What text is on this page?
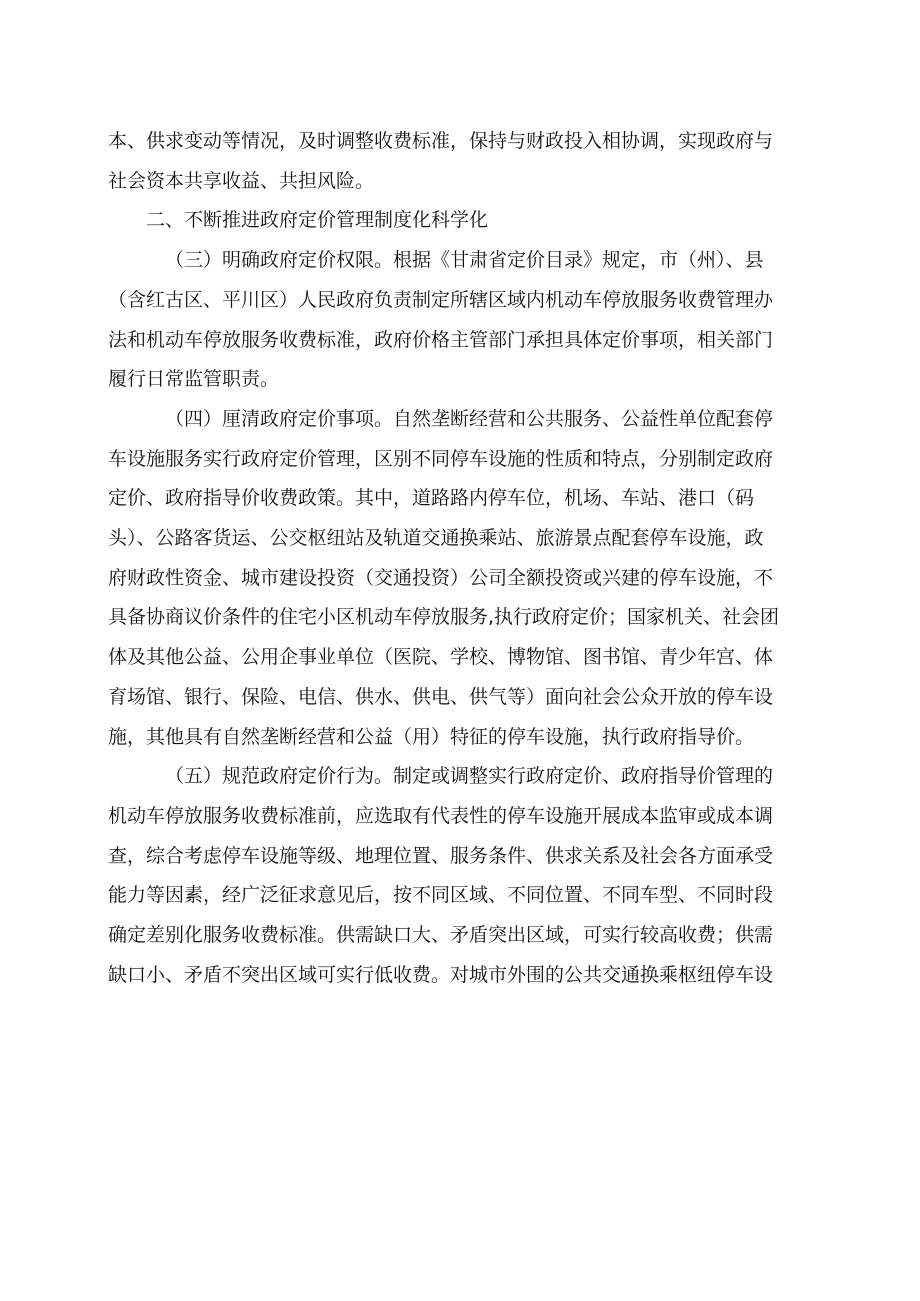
本、供求变动等情况，及时调整收费标准，保持与财政投入相协调，实现政府与
社会资本共享收益、共担风险。

二、不断推进政府定价管理制度化科学化

（三）明确政府定价权限。根据《甘肃省定价目录》规定，市（州）、县
（含红古区、平川区）人民政府负责制定所辖区域内机动车停放服务收费管理办
法和机动车停放服务收费标准，政府价格主管部门承担具体定价事项，相关部门
履行日常监管职责。

（四）厘清政府定价事项。自然垄断经营和公共服务、公益性单位配套停
车设施服务实行政府定价管理，区别不同停车设施的性质和特点，分别制定政府
定价、政府指导价收费政策。其中，道路路内停车位，机场、车站、港口（码
头）、公路客货运、公交枢纽站及轨道交通换乘站、旅游景点配套停车设施，政
府财政性资金、城市建设投资（交通投资）公司全额投资或兴建的停车设施，不
具备协商议价条件的住宅小区机动车停放服务,执行政府定价；国家机关、社会团
体及其他公益、公用企事业单位（医院、学校、博物馆、图书馆、青少年宫、体
育场馆、银行、保险、电信、供水、供电、供气等）面向社会公众开放的停车设
施，其他具有自然垄断经营和公益（用）特征的停车设施，执行政府指导价。

（五）规范政府定价行为。制定或调整实行政府定价、政府指导价管理的
机动车停放服务收费标准前，应选取有代表性的停车设施开展成本监审或成本调
查，综合考虑停车设施等级、地理位置、服务条件、供求关系及社会各方面承受
能力等因素，经广泛征求意见后，按不同区域、不同位置、不同车型、不同时段
确定差别化服务收费标准。供需缺口大、矛盾突出区域，可实行较高收费；供需
缺口小、矛盾不突出区域可实行低收费。对城市外围的公共交通换乘枢纽停车设
